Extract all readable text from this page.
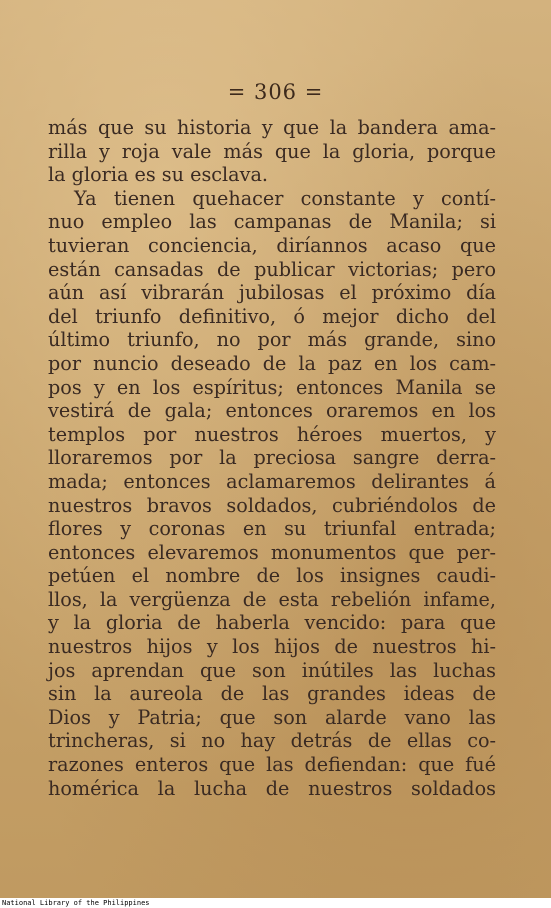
= 306 =
más que su historia y que la bandera ama-
rilla y roja vale más que la gloria, porque
la gloria es su esclava.
Ya tienen quehacer constante y contí-
nuo empleo las campanas de Manila; si
tuvieran conciencia, diríannos acaso que
están cansadas de publicar victorias; pero
aún así vibrarán jubilosas el próximo día
del triunfo definitivo, ó mejor dicho del
último triunfo, no por más grande, sino
por nuncio deseado de la paz en los cam-
pos y en los espíritus; entonces Manila se
vestirá de gala; entonces oraremos en los
templos por nuestros héroes muertos, y
lloraremos por la preciosa sangre derra-
mada; entonces aclamaremos delirantes á
nuestros bravos soldados, cubriéndolos de
flores y coronas en su triunfal entrada;
entonces elevaremos monumentos que per-
petúen el nombre de los insignes caudi-
llos, la vergüenza de esta rebelión infame,
y la gloria de haberla vencido: para que
nuestros hijos y los hijos de nuestros hi-
jos aprendan que son inútiles las luchas
sin la aureola de las grandes ideas de
Dios y Patria; que son alarde vano las
trincheras, si no hay detrás de ellas co-
razones enteros que las defiendan: que fué
homérica la lucha de nuestros soldados
National Library of the Philippines
